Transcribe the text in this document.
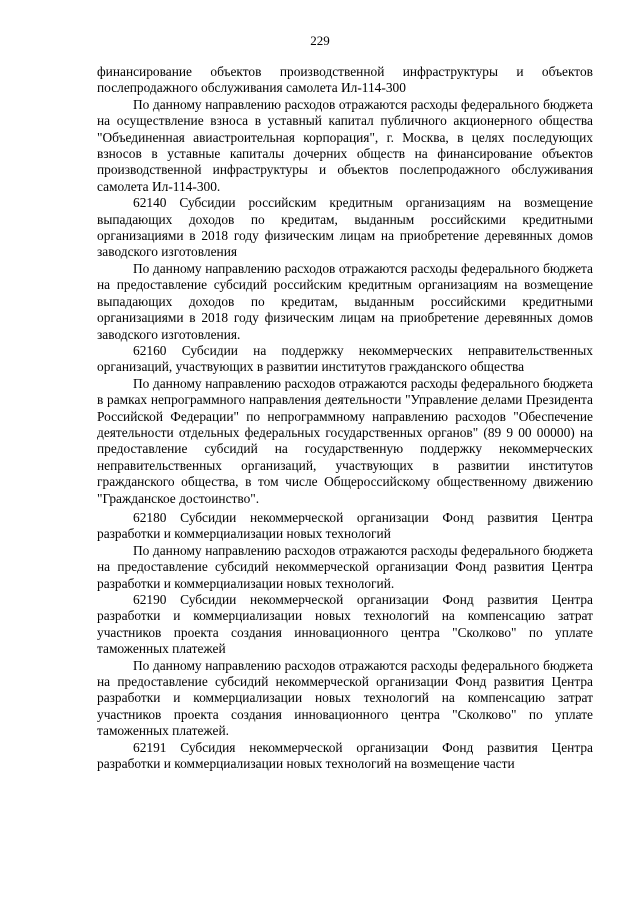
229

финансирование объектов производственной инфраструктуры и объектов послепродажного обслуживания самолета Ил-114-300

По данному направлению расходов отражаются расходы федерального бюджета на осуществление взноса в уставный капитал публичного акционерного общества "Объединенная авиастроительная корпорация", г. Москва, в целях последующих взносов в уставные капиталы дочерних обществ на финансирование объектов производственной инфраструктуры и объектов послепродажного обслуживания самолета Ил-114-300.

62140 Субсидии российским кредитным организациям на возмещение выпадающих доходов по кредитам, выданным российскими кредитными организациями в 2018 году физическим лицам на приобретение деревянных домов заводского изготовления

По данному направлению расходов отражаются расходы федерального бюджета на предоставление субсидий российским кредитным организациям на возмещение выпадающих доходов по кредитам, выданным российскими кредитными организациями в 2018 году физическим лицам на приобретение деревянных домов заводского изготовления.

62160 Субсидии на поддержку некоммерческих неправительственных организаций, участвующих в развитии институтов гражданского общества

По данному направлению расходов отражаются расходы федерального бюджета в рамках непрограммного направления деятельности "Управление делами Президента Российской Федерации" по непрограммному направлению расходов "Обеспечение деятельности отдельных федеральных государственных органов" (89 9 00 00000) на предоставление субсидий на государственную поддержку некоммерческих неправительственных организаций, участвующих в развитии институтов гражданского общества, в том числе Общероссийскому общественному движению "Гражданское достоинство".

62180 Субсидии некоммерческой организации Фонд развития Центра разработки и коммерциализации новых технологий

По данному направлению расходов отражаются расходы федерального бюджета на предоставление субсидий некоммерческой организации Фонд развития Центра разработки и коммерциализации новых технологий.

62190 Субсидии некоммерческой организации Фонд развития Центра разработки и коммерциализации новых технологий на компенсацию затрат участников проекта создания инновационного центра "Сколково" по уплате таможенных платежей

По данному направлению расходов отражаются расходы федерального бюджета на предоставление субсидий некоммерческой организации Фонд развития Центра разработки и коммерциализации новых технологий на компенсацию затрат участников проекта создания инновационного центра "Сколково" по уплате таможенных платежей.

62191 Субсидия некоммерческой организации Фонд развития Центра разработки и коммерциализации новых технологий на возмещение части
